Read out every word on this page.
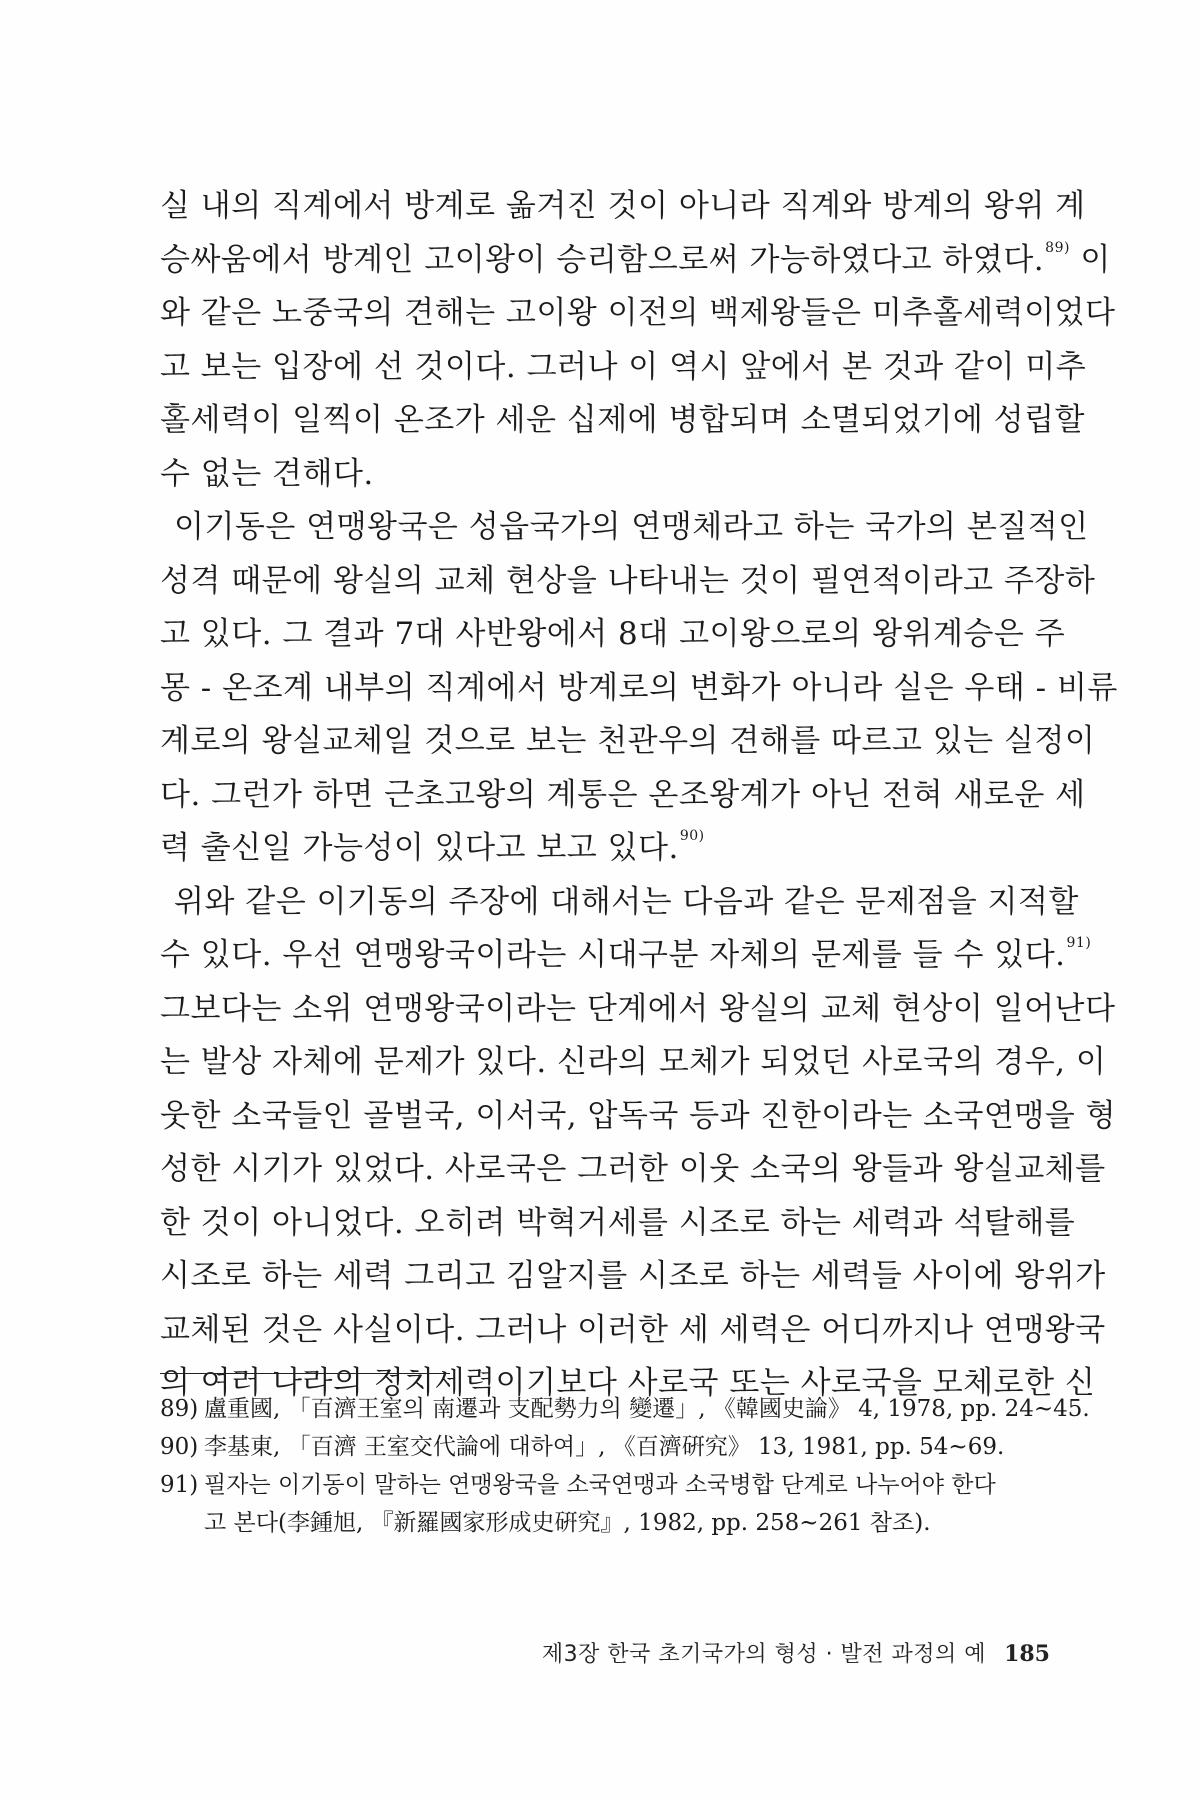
실 내의 직계에서 방계로 옮겨진 것이 아니라 직계와 방계의 왕위 계
승싸움에서 방계인 고이왕이 승리함으로써 가능하였다고 하였다.$^{89)}$ 이
와 같은 노중국의 견해는 고이왕 이전의 백제왕들은 미추홀세력이었다
고 보는 입장에 선 것이다. 그러나 이 역시 앞에서 본 것과 같이 미추
홀세력이 일찍이 온조가 세운 십제에 병합되며 소멸되었기에 성립할
수 없는 견해다.

이기동은 연맹왕국은 성읍국가의 연맹체라고 하는 국가의 본질적인
성격 때문에 왕실의 교체 현상을 나타내는 것이 필연적이라고 주장하
고 있다. 그 결과 7대 사반왕에서 8대 고이왕으로의 왕위계승은 주
몽 - 온조계 내부의 직계에서 방계로의 변화가 아니라 실은 우태 - 비류
계로의 왕실교체일 것으로 보는 천관우의 견해를 따르고 있는 실정이
다. 그런가 하면 근초고왕의 계통은 온조왕계가 아닌 전혀 새로운 세
력 출신일 가능성이 있다고 보고 있다.$^{90)}$

위와 같은 이기동의 주장에 대해서는 다음과 같은 문제점을 지적할
수 있다. 우선 연맹왕국이라는 시대구분 자체의 문제를 들 수 있다.$^{91)}$
그보다는 소위 연맹왕국이라는 단계에서 왕실의 교체 현상이 일어난다
는 발상 자체에 문제가 있다. 신라의 모체가 되었던 사로국의 경우, 이
웃한 소국들인 골벌국, 이서국, 압독국 등과 진한이라는 소국연맹을 형
성한 시기가 있었다. 사로국은 그러한 이웃 소국의 왕들과 왕실교체를
한 것이 아니었다. 오히려 박혁거세를 시조로 하는 세력과 석탈해를
시조로 하는 세력 그리고 김알지를 시조로 하는 세력들 사이에 왕위가
교체된 것은 사실이다. 그러나 이러한 세 세력은 어디까지나 연맹왕국
의 여러 나라의 정치세력이기보다 사로국 또는 사로국을 모체로한 신

89) 盧重國, 「百濟王室의 南遷과 支配勢力의 變遷」, 《韓國史論》 4, 1978, pp. 24~45.
90) 李基東, 「百濟 王室交代論에 대하여」, 《百濟硏究》 13, 1981, pp. 54~69.
91) 필자는 이기동이 말하는 연맹왕국을 소국연맹과 소국병합 단계로 나누어야 한다
고 본다(李鍾旭, 『新羅國家形成史硏究』, 1982, pp. 258~261 참조).
제3장 한국 초기국가의 형성 · 발전 과정의 예 185
